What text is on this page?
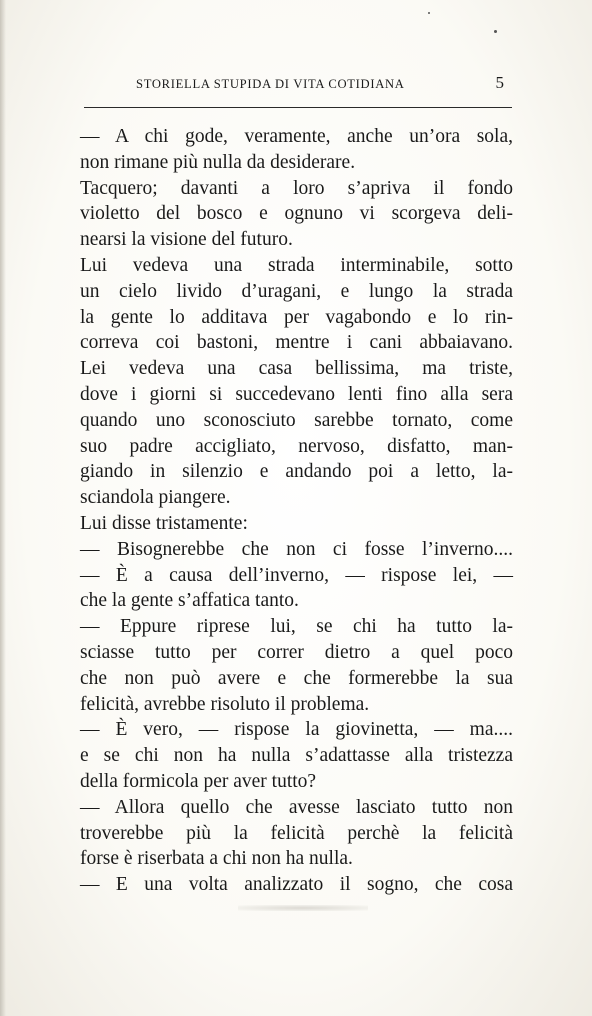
STORIELLA STUPIDA DI VITA COTIDIANA	5
— A chi gode, veramente, anche un’ora sola,
non rimane più nulla da desiderare.
Tacquero; davanti a loro s’apriva il fondo
violetto del bosco e ognuno vi scorgeva deli-
nearsi la visione del futuro.
Lui vedeva una strada interminabile, sotto
un cielo livido d’uragani, e lungo la strada
la gente lo additava per vagabondo e lo rin-
correva coi bastoni, mentre i cani abbaiavano.
Lei vedeva una casa bellissima, ma triste,
dove i giorni si succedevano lenti fino alla sera
quando uno sconosciuto sarebbe tornato, come
suo padre accigliato, nervoso, disfatto, man-
giando in silenzio e andando poi a letto, la-
sciandola piangere.
Lui disse tristamente:
— Bisognerebbe che non ci fosse l’inverno....
— È a causa dell’inverno, — rispose lei, —
che la gente s’affatica tanto.
— Eppure riprese lui, se chi ha tutto la-
sciasse tutto per correr dietro a quel poco
che non può avere e che formerebbe la sua
felicità, avrebbe risoluto il problema.
— È vero, — rispose la giovinetta, — ma....
e se chi non ha nulla s’adattasse alla tristezza
della formicola per aver tutto?
— Allora quello che avesse lasciato tutto non
troverebbe più la felicità perchè la felicità
forse è riserbata a chi non ha nulla.
— E una volta analizzato il sogno, che cosa
